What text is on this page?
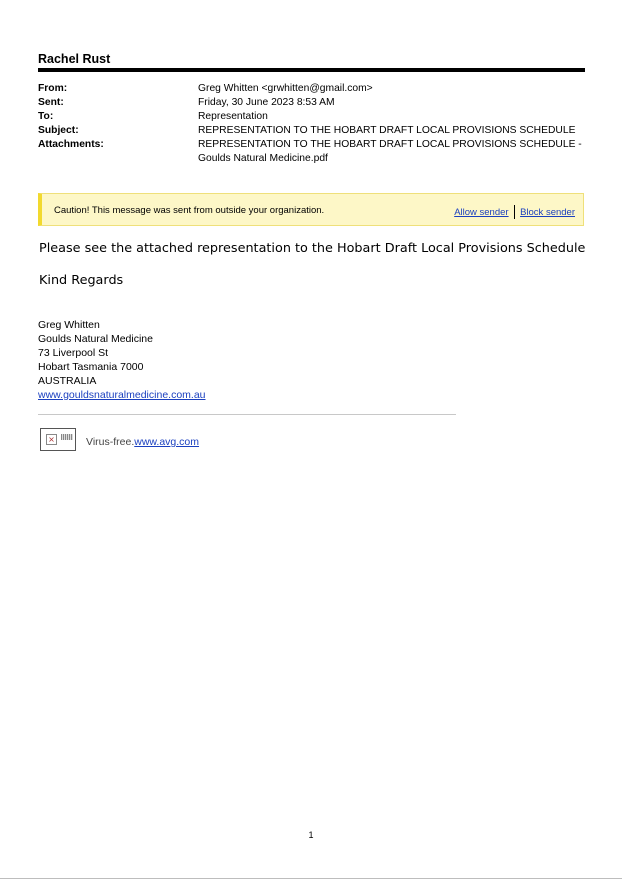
Rachel Rust
From:	Greg Whitten <grwhitten@gmail.com>
Sent:	Friday, 30 June 2023 8:53 AM
To:	Representation
Subject:	REPRESENTATION TO THE HOBART DRAFT LOCAL PROVISIONS SCHEDULE
Attachments:	REPRESENTATION TO THE HOBART DRAFT LOCAL PROVISIONS SCHEDULE -
Goulds Natural Medicine.pdf
Caution! This message was sent from outside your organization.	Allow sender Block sender
Please see the attached representation to the Hobart Draft Local Provisions Schedule
Kind Regards
Greg Whitten
Goulds Natural Medicine
73 Liverpool St
Hobart Tasmania 7000
AUSTRALIA
www.gouldsnaturalmedicine.com.au
×	Virus-free.www.avg.com
1
